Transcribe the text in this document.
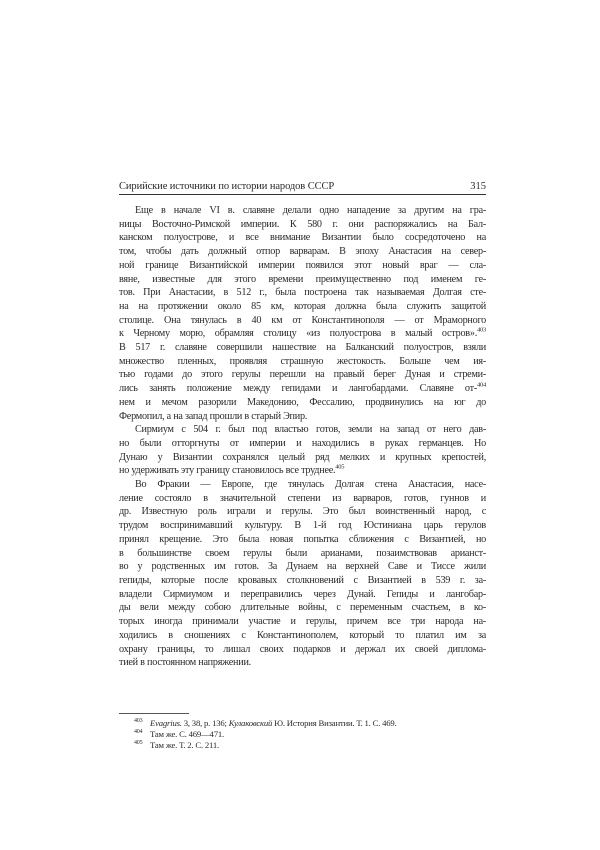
Сирийские источники по истории народов СССР	315

Еще в начале VI в. славяне делали одно нападение за другим на гра-
ницы Восточно-Римской империи. К 580 г. они распоряжались на Бал-
канском полуострове, и все внимание Византии было сосредоточено на
том, чтобы дать должный отпор варварам. В эпоху Анастасия на север-
ной границе Византийской империи появился этот новый враг — сла-
вяне, известные для этого времени преимущественно под именем ге-
тов. При Анастасии, в 512 г., была построена так называемая Долгая сте-
на на протяжении около 85 км, которая должна была служить защитой
столице. Она тянулась в 40 км от Константинополя — от Мраморного
к Черному морю, обрамляя столицу «из полуострова в малый остров».$^{403}$
В 517 г. славяне совершили нашествие на Балканский полуостров, взяли
множество пленных, проявляя страшную жестокость. Больше чем ия-
тью годами до этого герулы перешли на правый берег Дуная и стреми-
лись занять положение между гепидами и лангобардами. Славяне от-$^{404}$
нем и мечом разорили Македонию, Фессалию, продвинулись на юг до
Фермопил, а на запад прошли в старый Эпир.

Сирмиум с 504 г. был под властью готов, земли на запад от него дав-
но были отторгнуты от империи и находились в руках германцев. Но
Дунаю у Византии сохранялся целый ряд мелких и крупных крепостей,
но удерживать эту границу становилось все труднее.$^{405}$

Во Фракии — Европе, где тянулась Долгая стена Анастасия, насе-
ление состояло в значительной степени из варваров, готов, гуннов и
др. Известную роль играли и герулы. Это был воинственный народ, с
трудом воспринимавший культуру. В 1-й год Юстиниана царь герулов
принял крещение. Это была новая попытка сближения с Византией, но
в большинстве своем герулы были арианами, позаимствовав арианст-
во у родственных им готов. За Дунаем на верхней Саве и Тиссе жили
гепиды, которые после кровавых столкновений с Византией в 539 г. за-
владели Сирмиумом и переправились через Дунай. Гепиды и лангобар-
ды вели между собою длительные войны, с переменным счастьем, в ко-
торых иногда принимали участие и герулы, причем все три народа на-
ходились в сношениях с Константинополем, который то платил им за
охрану границы, то лишал своих подарков и держал их своей диплома-
тией в постоянном напряжении.

403 Evagrius. 3, 38, p. 136; Кулаковский Ю. История Византии. Т. 1. С. 469.
404 Там же. С. 469—471.
405 Там же. Т. 2. С. 211.
